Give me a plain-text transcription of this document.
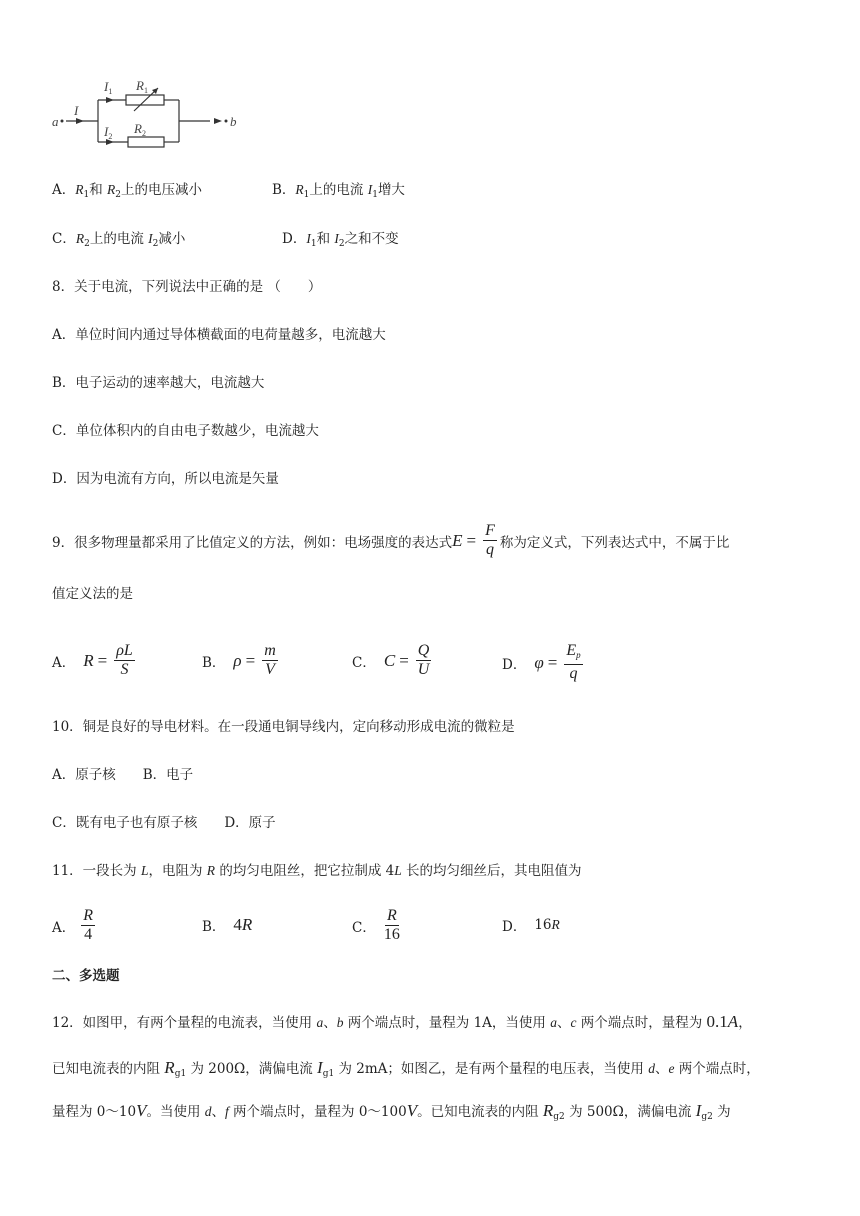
a	b
I
$I_1$ $R_1$
$I_2$
$R_2$
A．$R_1$和 $R_2$上的电压减小	B．$R_1$上的电流 $I_1$增大
C．$R_2$上的电流 $I_2$减小	D．$I_1$和 $I_2$之和不变
8．关于电流，下列说法中正确的是 （　　）
A．单位时间内通过导体横截面的电荷量越多，电流越大
B．电子运动的速率越大，电流越大
C．单位体积内的自由电子数越少，电流越大
D．因为电流有方向，所以电流是矢量
9．很多物理量都采用了比值定义的方法，例如：电场强度的表达式 $E = \frac{F}{q}$ 称为定义式，下列表达式中，不属于比
值定义法的是
A． $R = \frac{\rho L}{S}$	B． $\rho = \frac{m}{V}$	C． $C = \frac{Q}{U}$	D． $\varphi = \frac{E_p}{q}$
10．铜是良好的导电材料。在一段通电铜导线内，定向移动形成电流的微粒是
A．原子核　　B．电子
C．既有电子也有原子核　　D．原子
11．一段长为 L，电阻为 R 的均匀电阻丝，把它拉制成 4L 长的均匀细丝后，其电阻值为
A． $\frac{R}{4}$	B． 4 R	C． $\frac{R}{16}$	D． 16 R
二、多选题
12．如图甲，有两个量程的电流表，当使用 a、b 两个端点时，量程为 1A，当使用 a、c 两个端点时，量程为 0.1A，
已知电流表的内阻 $R_{g1}$ 为 200Ω，满偏电流 $I_{g1}$ 为 2mA；如图乙，是有两个量程的电压表，当使用 d、e 两个端点时，
量程为 0～10V。当使用 d、f 两个端点时，量程为 0～100V。已知电流表的内阻 $R_{g2}$ 为 500Ω，满偏电流 $I_{g2}$ 为
